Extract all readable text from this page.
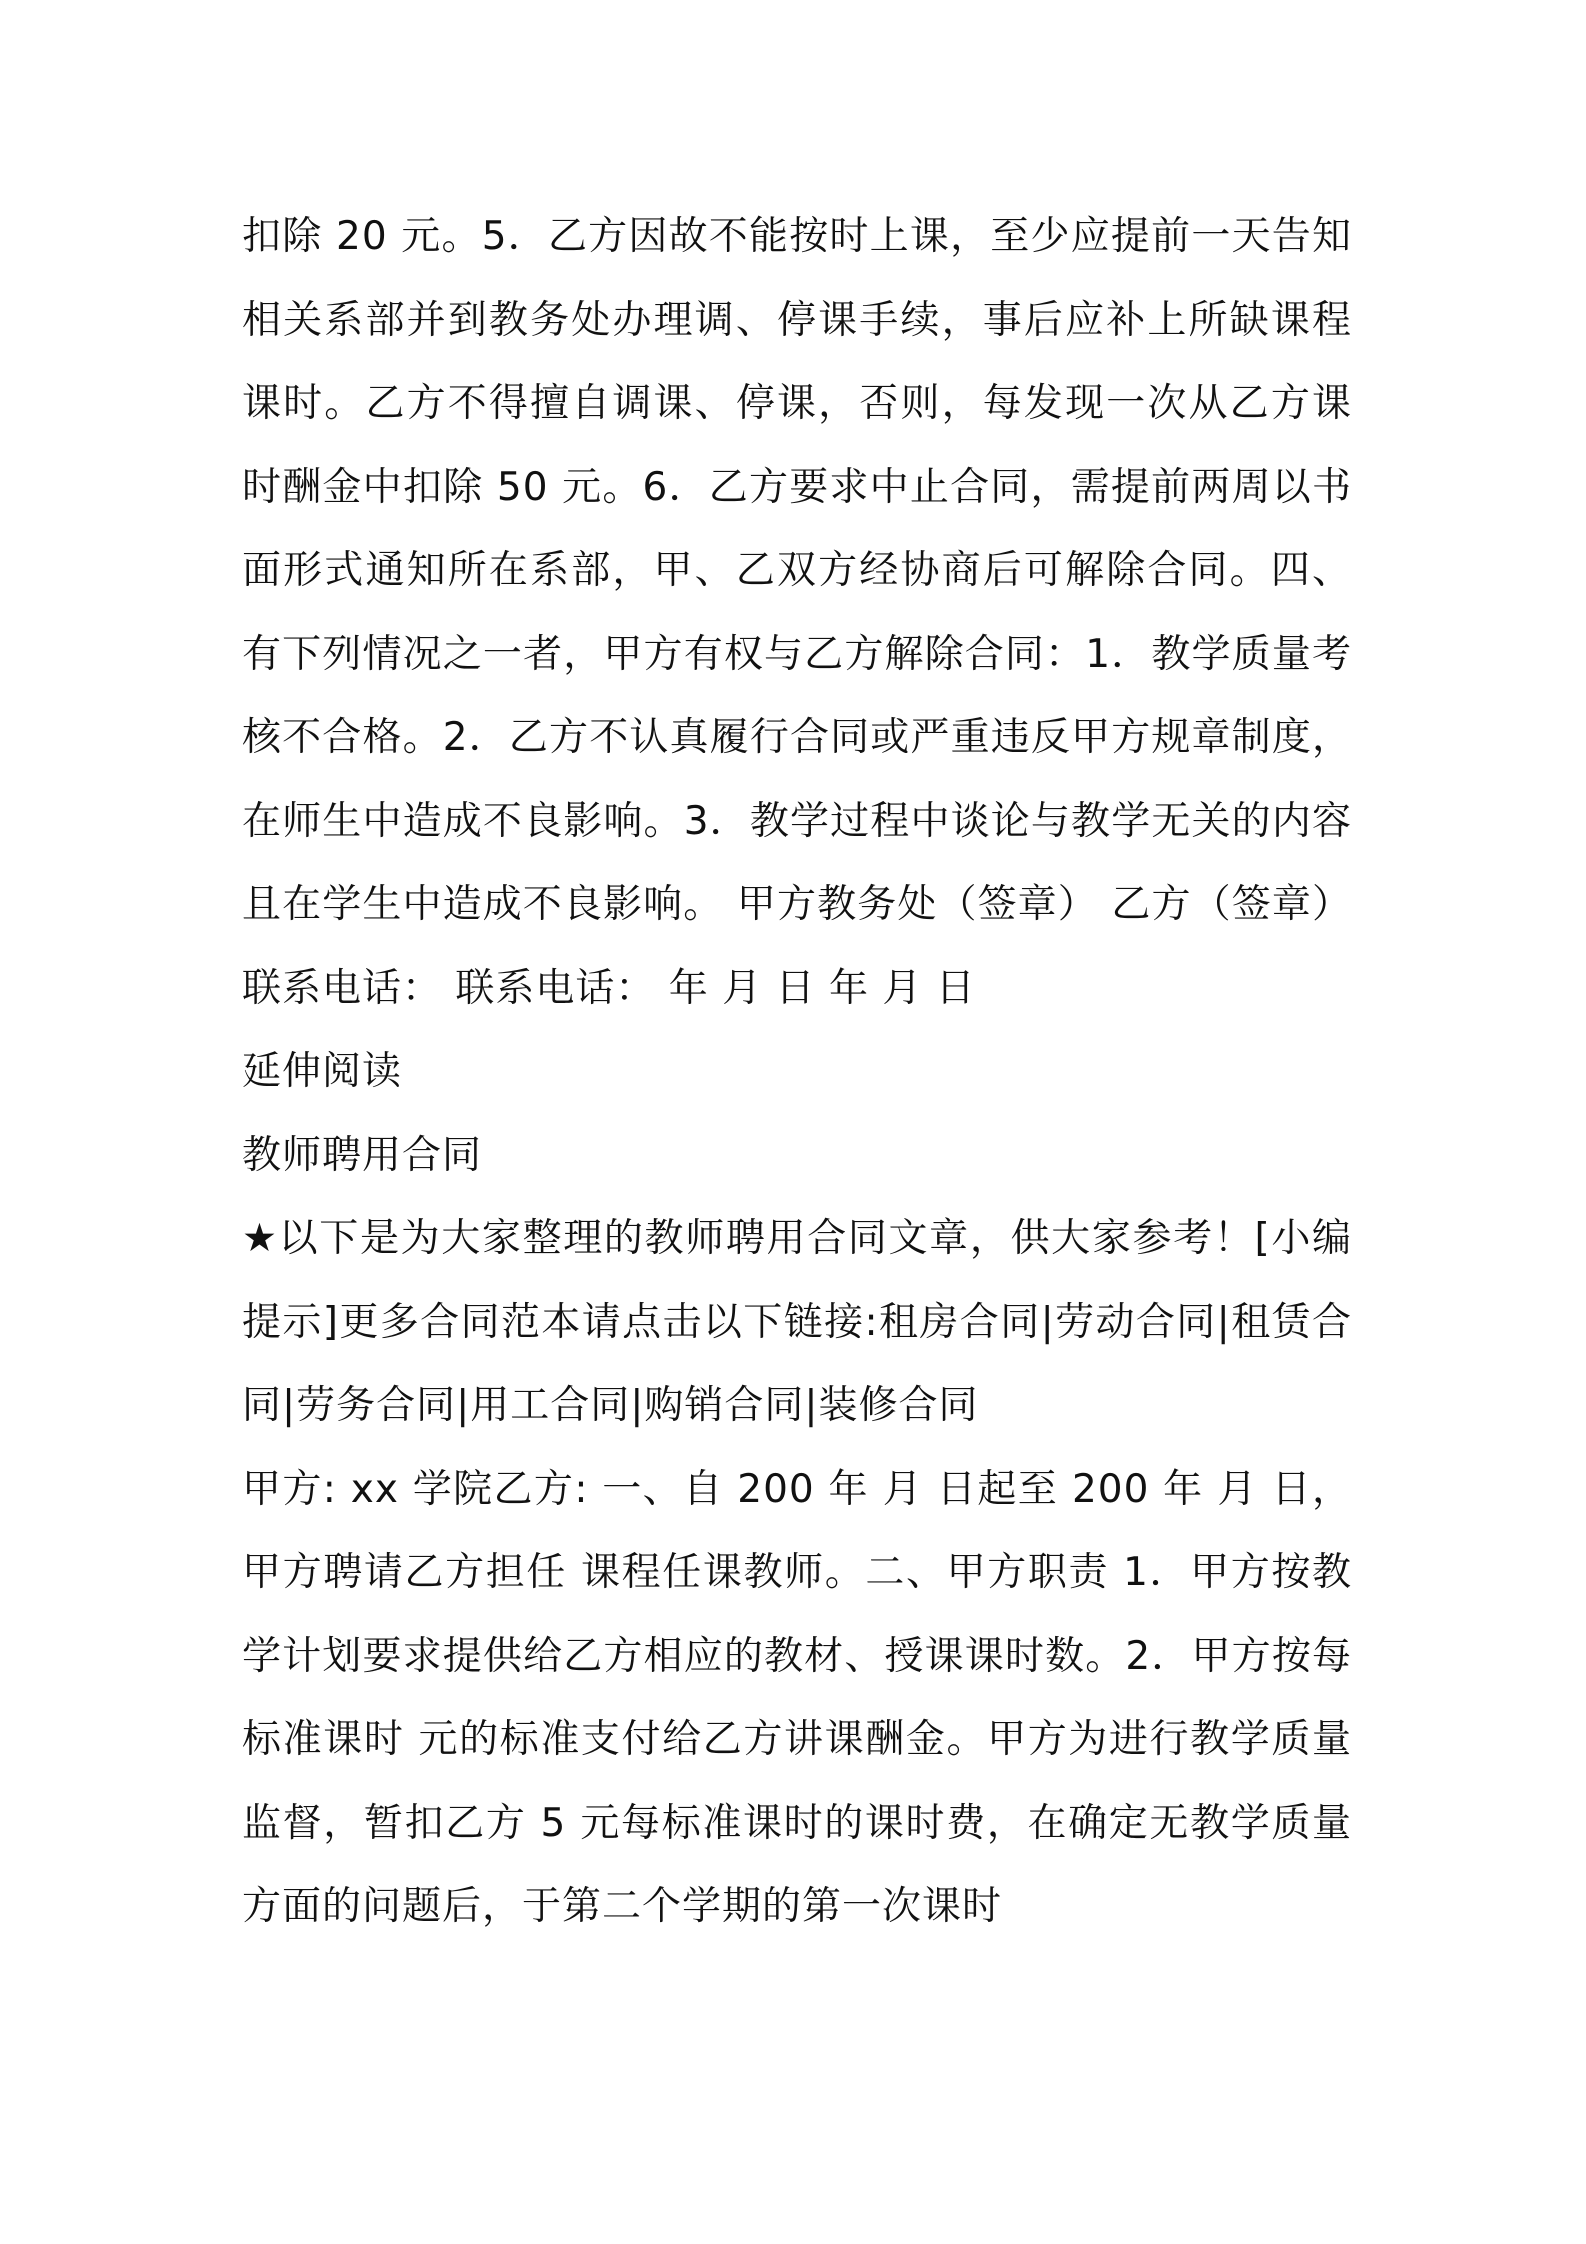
扣除 20 元。5．乙方因故不能按时上课，至少应提前一天告知相关系部并到教务处办理调、停课手续，事后应补上所缺课程课时。乙方不得擅自调课、停课，否则，每发现一次从乙方课时酬金中扣除 50 元。6．乙方要求中止合同，需提前两周以书面形式通知所在系部，甲、乙双方经协商后可解除合同。四、有下列情况之一者，甲方有权与乙方解除合同：1．教学质量考核不合格。2．乙方不认真履行合同或严重违反甲方规章制度，在师生中造成不良影响。3．教学过程中谈论与教学无关的内容且在学生中造成不良影响。 甲方教务处（签章） 乙方（签章）联系电话： 联系电话： 年 月 日 年 月 日

延伸阅读

教师聘用合同

★以下是为大家整理的教师聘用合同文章，供大家参考！[小编提示]更多合同范本请点击以下链接:租房合同|劳动合同|租赁合同|劳务合同|用工合同|购销合同|装修合同

甲方: xx 学院乙方: 一、自 200 年 月 日起至 200 年 月 日，甲方聘请乙方担任 课程任课教师。二、甲方职责 1．甲方按教学计划要求提供给乙方相应的教材、授课课时数。2．甲方按每标准课时 元的标准支付给乙方讲课酬金。甲方为进行教学质量监督，暂扣乙方 5 元每标准课时的课时费，在确定无教学质量方面的问题后，于第二个学期的第一次课时
